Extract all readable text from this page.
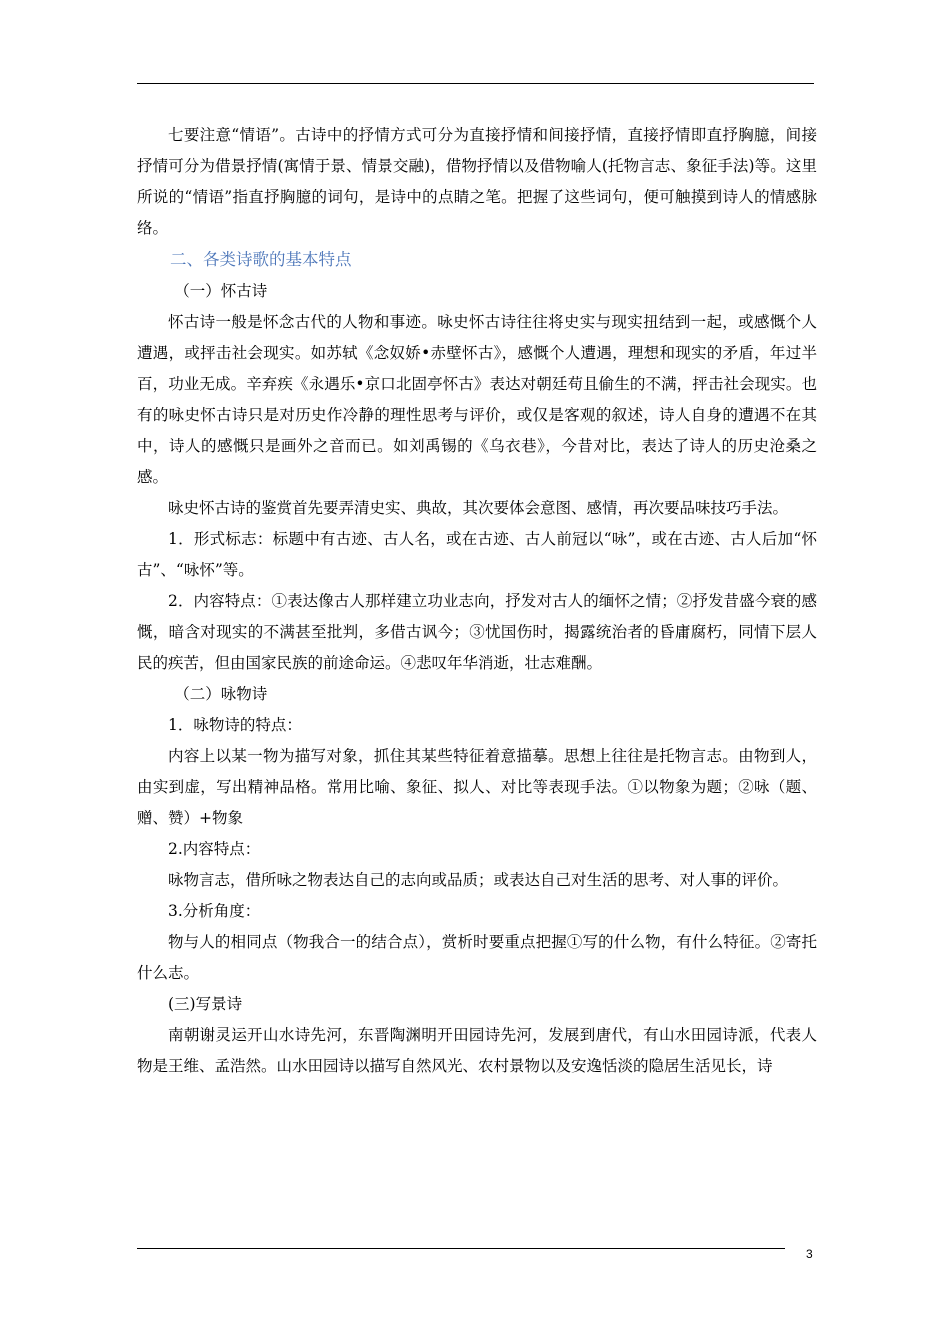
七要注意“情语”。古诗中的抒情方式可分为直接抒情和间接抒情，直接抒情即直抒胸臆，间接抒情可分为借景抒情(寓情于景、情景交融)，借物抒情以及借物喻人(托物言志、象征手法)等。这里所说的“情语”指直抒胸臆的词句，是诗中的点睛之笔。把握了这些词句，便可触摸到诗人的情感脉络。

二、各类诗歌的基本特点

（一）怀古诗

怀古诗一般是怀念古代的人物和事迹。咏史怀古诗往往将史实与现实扭结到一起，或感慨个人遭遇，或抨击社会现实。如苏轼《念奴娇•赤壁怀古》，感慨个人遭遇，理想和现实的矛盾，年过半百，功业无成。辛弃疾《永遇乐•京口北固亭怀古》表达对朝廷苟且偷生的不满，抨击社会现实。也有的咏史怀古诗只是对历史作冷静的理性思考与评价，或仅是客观的叙述，诗人自身的遭遇不在其中，诗人的感慨只是画外之音而已。如刘禹锡的《乌衣巷》，今昔对比，表达了诗人的历史沧桑之感。

咏史怀古诗的鉴赏首先要弄清史实、典故，其次要体会意图、感情，再次要品味技巧手法。

1．形式标志：标题中有古迹、古人名，或在古迹、古人前冠以“咏”，或在古迹、古人后加“怀古”、“咏怀”等。

2．内容特点：①表达像古人那样建立功业志向，抒发对古人的缅怀之情；②抒发昔盛今衰的感慨，暗含对现实的不满甚至批判，多借古讽今；③忧国伤时，揭露统治者的昏庸腐朽，同情下层人民的疾苦，但由国家民族的前途命运。④悲叹年华消逝，壮志难酬。

（二）咏物诗

1．咏物诗的特点：

内容上以某一物为描写对象，抓住其某些特征着意描摹。思想上往往是托物言志。由物到人，由实到虚，写出精神品格。常用比喻、象征、拟人、对比等表现手法。①以物象为题；②咏（题、赠、赞）+物象

2.内容特点：

咏物言志，借所咏之物表达自己的志向或品质；或表达自己对生活的思考、对人事的评价。

3.分析角度：

物与人的相同点（物我合一的结合点），赏析时要重点把握①写的什么物，有什么特征。②寄托什么志。

(三)写景诗

南朝谢灵运开山水诗先河，东晋陶渊明开田园诗先河，发展到唐代，有山水田园诗派，代表人物是王维、孟浩然。山水田园诗以描写自然风光、农村景物以及安逸恬淡的隐居生活见长，诗

3
